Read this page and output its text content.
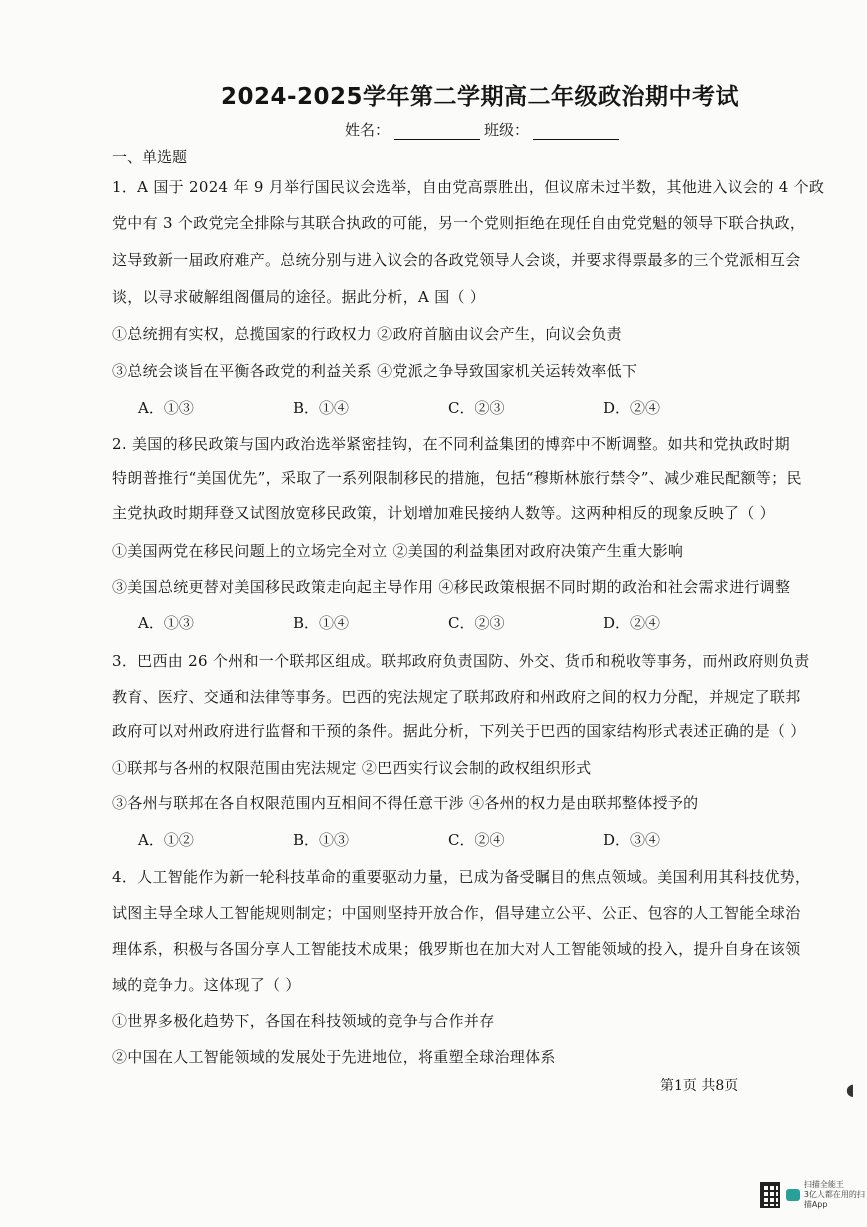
2024-2025学年第二学期高二年级政治期中考试
姓名：	班级：
一、单选题
1．A 国于 2024 年 9 月举行国民议会选举，自由党高票胜出，但议席未过半数，其他进入议会的 4 个政
党中有 3 个政党完全排除与其联合执政的可能，另一个党则拒绝在现任自由党党魁的领导下联合执政，
这导致新一届政府难产。总统分别与进入议会的各政党领导人会谈，并要求得票最多的三个党派相互会
谈，以寻求破解组阁僵局的途径。据此分析，A 国（ ）
①总统拥有实权，总揽国家的行政权力 ②政府首脑由议会产生，向议会负责
③总统会谈旨在平衡各政党的利益关系 ④党派之争导致国家机关运转效率低下
A．①③	B．①④	C．②③	D．②④
2. 美国的移民政策与国内政治选举紧密挂钩，在不同利益集团的博弈中不断调整。如共和党执政时期
特朗普推行“美国优先”，采取了一系列限制移民的措施，包括“穆斯林旅行禁令”、减少难民配额等；民
主党执政时期拜登又试图放宽移民政策，计划增加难民接纳人数等。这两种相反的现象反映了（ ）
①美国两党在移民问题上的立场完全对立 ②美国的利益集团对政府决策产生重大影响
③美国总统更替对美国移民政策走向起主导作用 ④移民政策根据不同时期的政治和社会需求进行调整
A．①③	B．①④	C．②③	D．②④
3．巴西由 26 个州和一个联邦区组成。联邦政府负责国防、外交、货币和税收等事务，而州政府则负责
教育、医疗、交通和法律等事务。巴西的宪法规定了联邦政府和州政府之间的权力分配，并规定了联邦
政府可以对州政府进行监督和干预的条件。据此分析，下列关于巴西的国家结构形式表述正确的是（ ）
①联邦与各州的权限范围由宪法规定 ②巴西实行议会制的政权组织形式
③各州与联邦在各自权限范围内互相间不得任意干涉 ④各州的权力是由联邦整体授予的
A．①②	B．①③	C．②④	D．③④
4．人工智能作为新一轮科技革命的重要驱动力量，已成为备受瞩目的焦点领域。美国利用其科技优势，
试图主导全球人工智能规则制定；中国则坚持开放合作，倡导建立公平、公正、包容的人工智能全球治
理体系，积极与各国分享人工智能技术成果；俄罗斯也在加大对人工智能领域的投入，提升自身在该领
域的竞争力。这体现了（ ）
①世界多极化趋势下，各国在科技领域的竞争与合作并存
②中国在人工智能领域的发展处于先进地位，将重塑全球治理体系
第1页 共8页	◖
扫描全能王
3亿人都在用的扫描App
